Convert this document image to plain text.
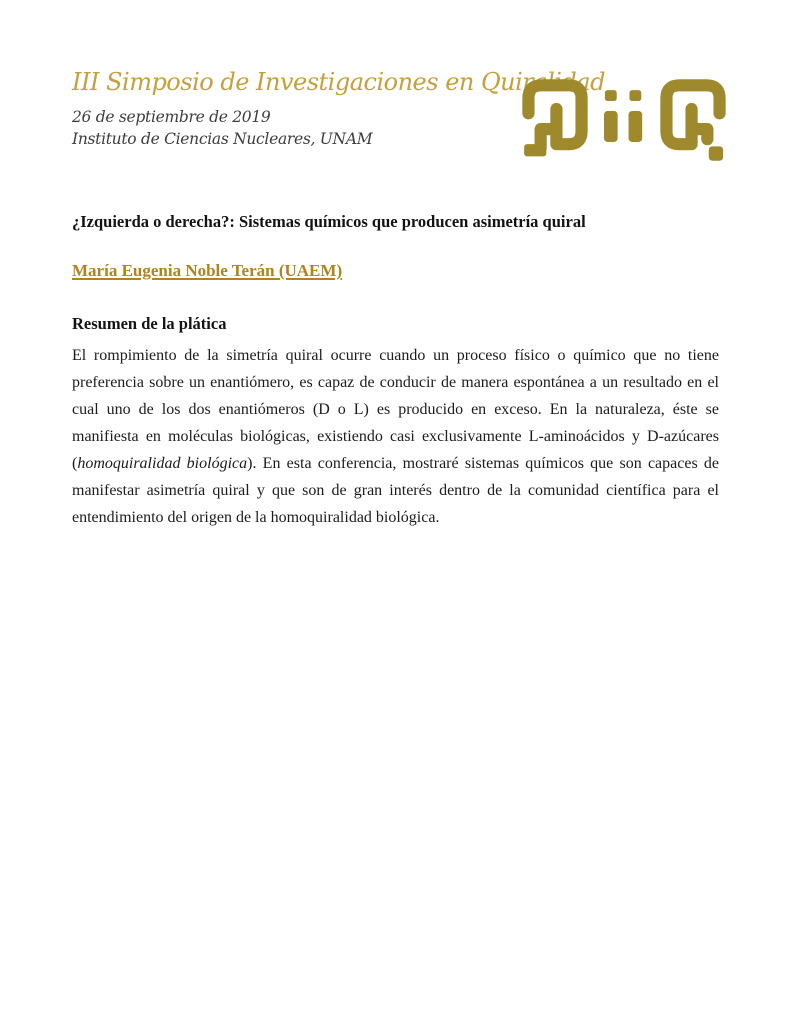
III Simposio de Investigaciones en Quiralidad
26 de septiembre de 2019
Instituto de Ciencias Nucleares, UNAM
¿Izquierda o derecha?: Sistemas químicos que producen asimetría quiral

María Eugenia Noble Terán (UAEM)
Resumen de la plática

El rompimiento de la simetría quiral ocurre cuando un proceso físico o químico que no tiene preferencia sobre un enantiómero, es capaz de conducir de manera espontánea a un resultado en el cual uno de los dos enantiómeros (D o L) es producido en exceso. En la naturaleza, éste se manifiesta en moléculas biológicas, existiendo casi exclusivamente L-aminoácidos y D-azúcares (homoquiralidad biológica). En esta conferencia, mostraré sistemas químicos que son capaces de manifestar asimetría quiral y que son de gran interés dentro de la comunidad científica para el entendimiento del origen de la homoquiralidad biológica.
